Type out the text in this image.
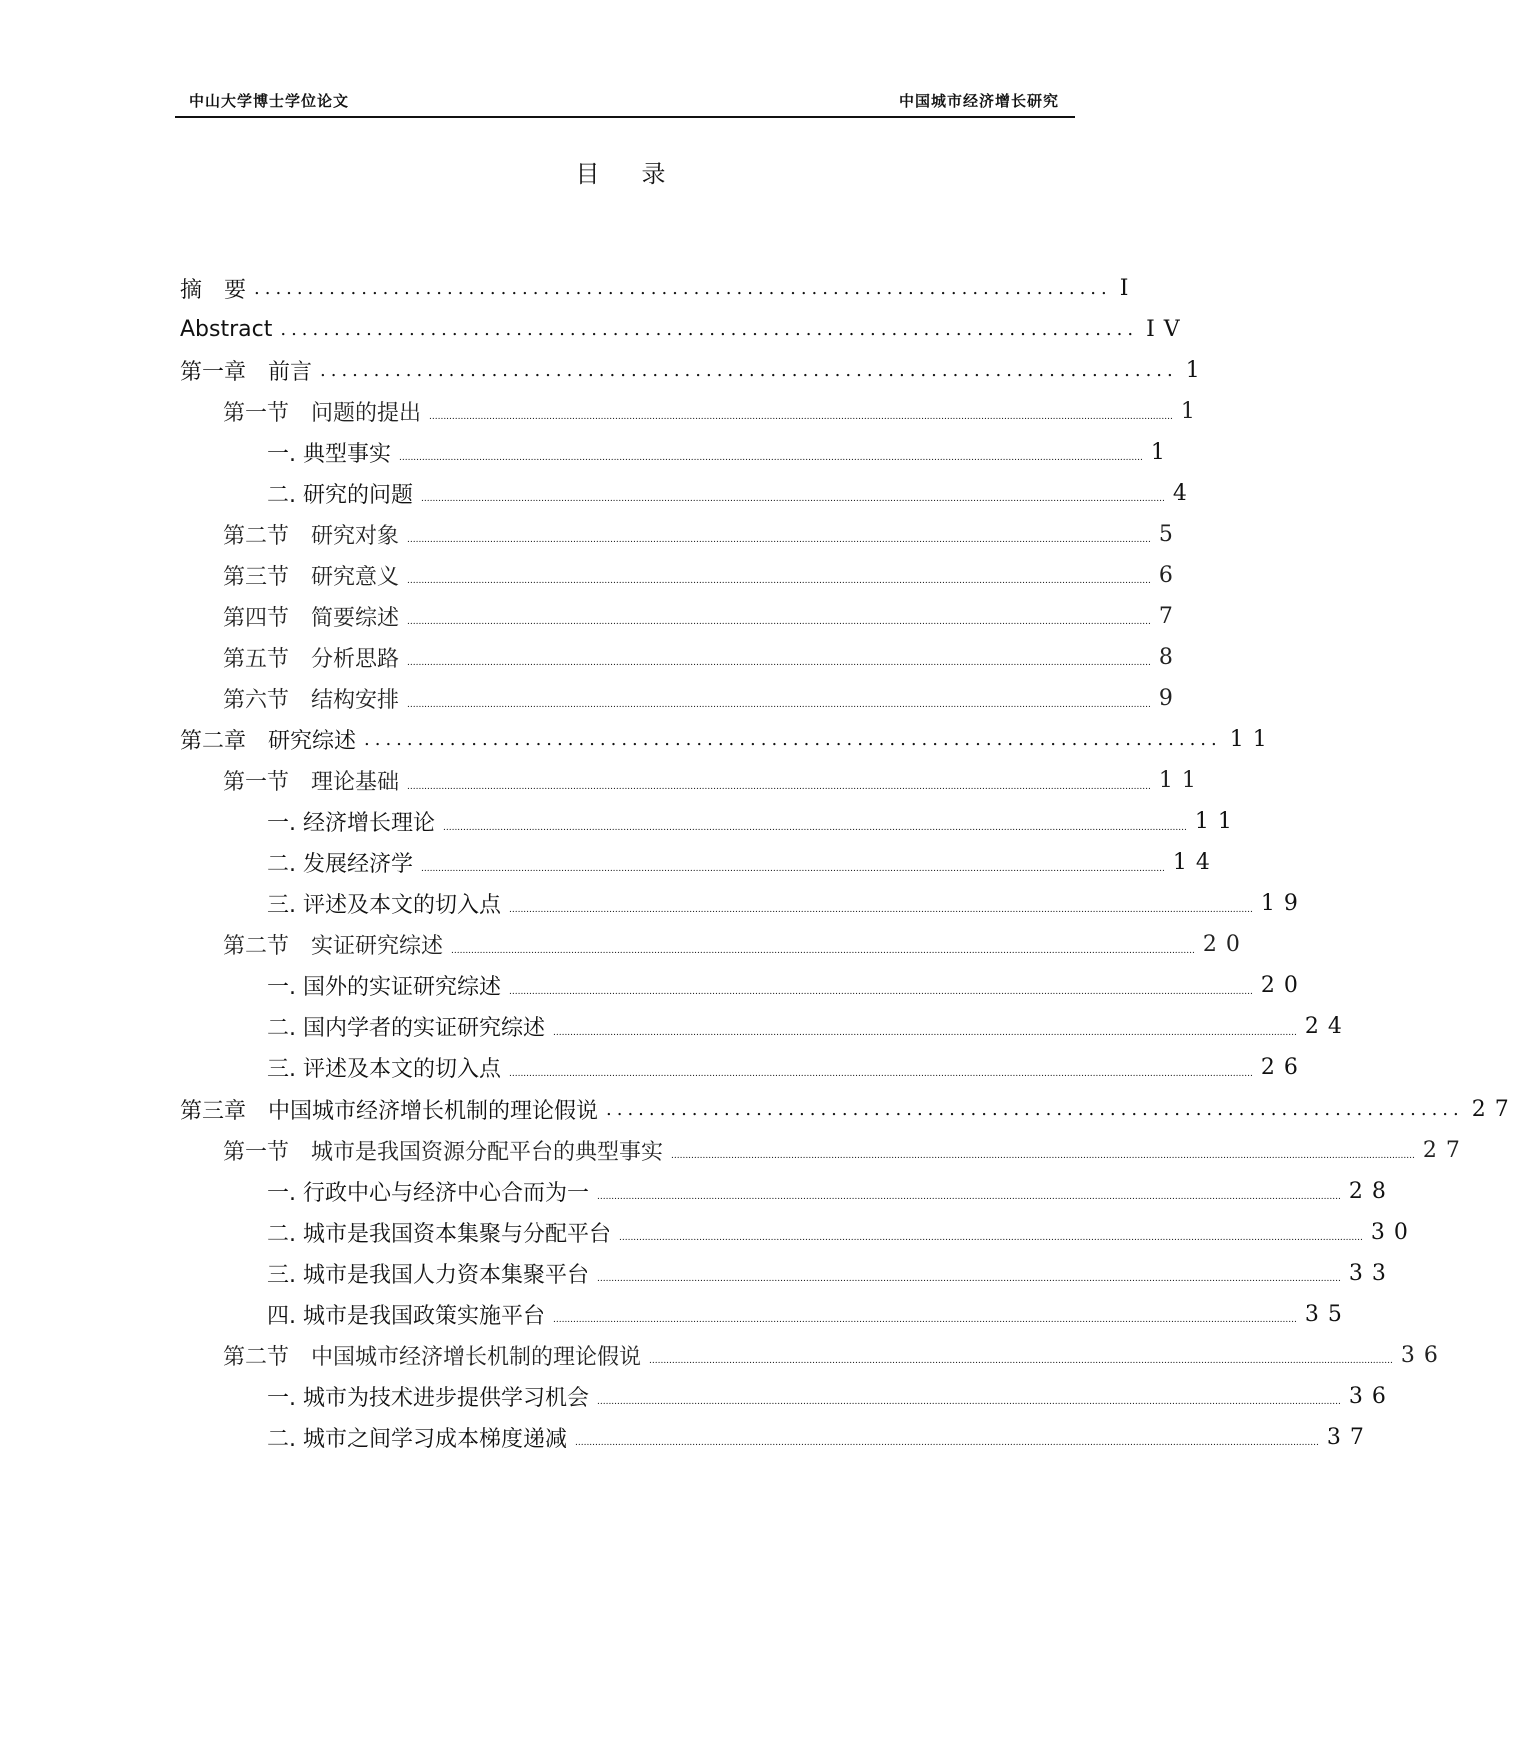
中山大学博士学位论文	中国城市经济增长研究
目录
摘　要 ................................................................................ I
Abstract ................................................................................ IV
第一章　前言 ................................................................................ 1
第一节　问题的提出 .................................................................................................................................................................................................................................................................... 1
一. 典型事实 .................................................................................................................................................................................................................................................................... 1
二. 研究的问题 .................................................................................................................................................................................................................................................................... 4
第二节　研究对象 .................................................................................................................................................................................................................................................................... 5
第三节　研究意义 .................................................................................................................................................................................................................................................................... 6
第四节　简要综述 .................................................................................................................................................................................................................................................................... 7
第五节　分析思路 .................................................................................................................................................................................................................................................................... 8
第六节　结构安排 .................................................................................................................................................................................................................................................................... 9
第二章　研究综述 ................................................................................ 11
第一节　理论基础 .................................................................................................................................................................................................................................................................... 11
一. 经济增长理论 .................................................................................................................................................................................................................................................................... 11
二. 发展经济学 .................................................................................................................................................................................................................................................................... 14
三. 评述及本文的切入点 .................................................................................................................................................................................................................................................................... 19
第二节　实证研究综述 .................................................................................................................................................................................................................................................................... 20
一. 国外的实证研究综述 .................................................................................................................................................................................................................................................................... 20
二. 国内学者的实证研究综述 .................................................................................................................................................................................................................................................................... 24
三. 评述及本文的切入点 .................................................................................................................................................................................................................................................................... 26
第三章　中国城市经济增长机制的理论假说 ................................................................................ 27
第一节　城市是我国资源分配平台的典型事实 .................................................................................................................................................................................................................................................................... 27
一. 行政中心与经济中心合而为一 .................................................................................................................................................................................................................................................................... 28
二. 城市是我国资本集聚与分配平台 .................................................................................................................................................................................................................................................................... 30
三. 城市是我国人力资本集聚平台 .................................................................................................................................................................................................................................................................... 33
四. 城市是我国政策实施平台 .................................................................................................................................................................................................................................................................... 35
第二节　中国城市经济增长机制的理论假说 .................................................................................................................................................................................................................................................................... 36
一. 城市为技术进步提供学习机会 .................................................................................................................................................................................................................................................................... 36
二. 城市之间学习成本梯度递减 .................................................................................................................................................................................................................................................................... 37
